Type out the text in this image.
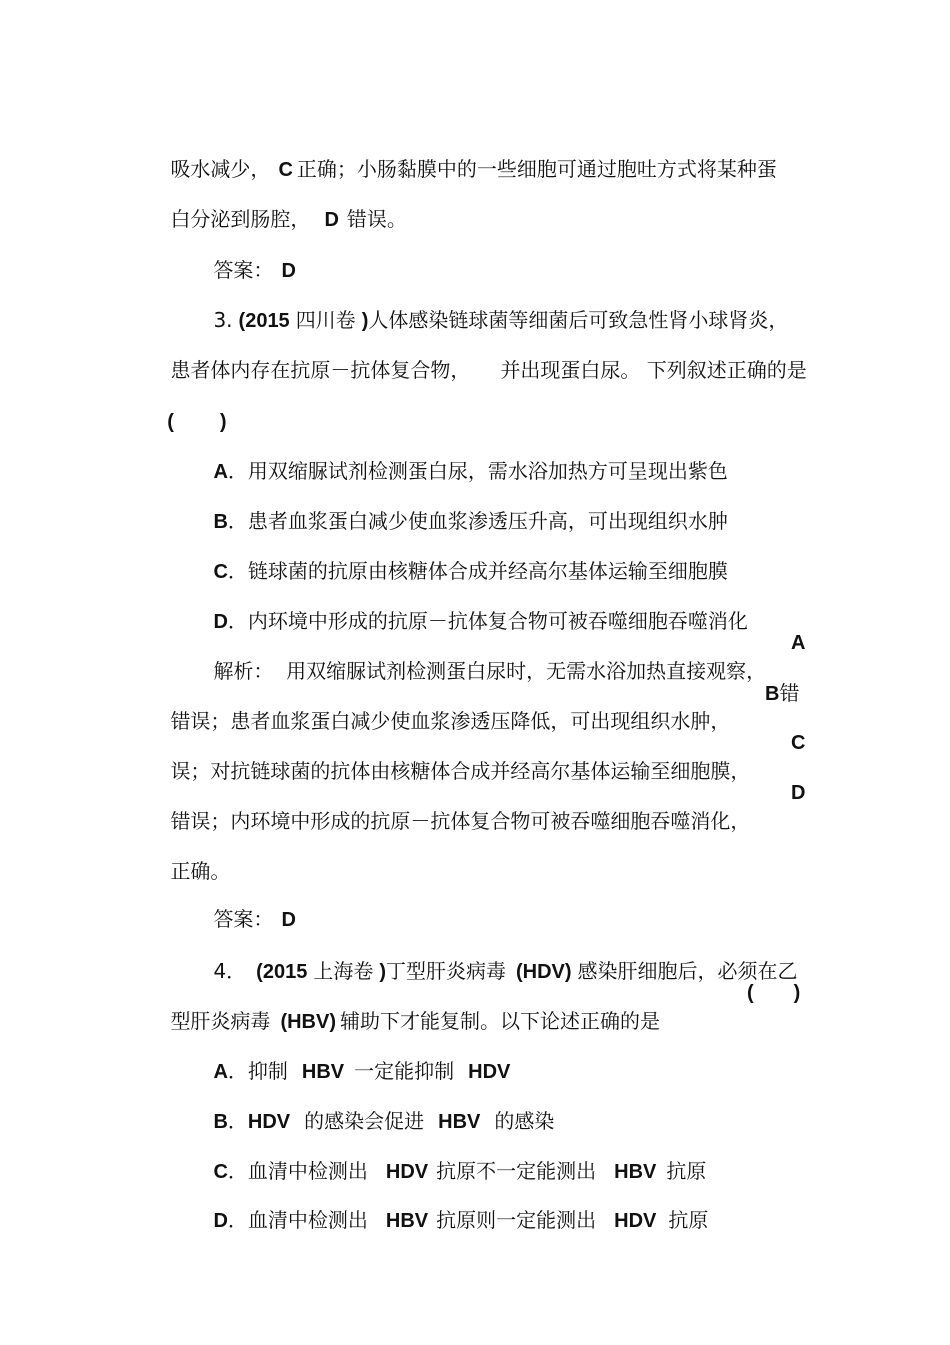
吸水减少， C 正确；小肠黏膜中的一些细胞可通过胞吐方式将某种蛋

白分泌到肠腔， D 错误。

答案： D

3. (2015 四川卷 )人体感染链球菌等细菌后可致急性肾小球肾炎，

患者体内存在抗原－抗体复合物， 并出现蛋白尿。 下列叙述正确的是

( )

A．用双缩脲试剂检测蛋白尿，需水浴加热方可呈现出紫色

B．患者血浆蛋白减少使血浆渗透压升高，可出现组织水肿

C．链球菌的抗原由核糖体合成并经高尔基体运输至细胞膜

D．内环境中形成的抗原－抗体复合物可被吞噬细胞吞噬消化

解析：  用双缩脲试剂检测蛋白尿时，无需水浴加热直接观察，

A

错误；患者血浆蛋白减少使血浆渗透压降低，可出现组织水肿，

B错

误；对抗链球菌的抗体由核糖体合成并经高尔基体运输至细胞膜，

C

错误；内环境中形成的抗原－抗体复合物可被吞噬细胞吞噬消化，

D

正确。

答案： D

4． (2015 上海卷 )丁型肝炎病毒 (HDV) 感染肝细胞后，必须在乙

型肝炎病毒 (HBV) 辅助下才能复制。以下论述正确的是

( )

A．抑制 HBV 一定能抑制 HDV

B．HDV 的感染会促进 HBV 的感染

C．血清中检测出 HDV 抗原不一定能测出 HBV 抗原

D．血清中检测出 HBV 抗原则一定能测出 HDV 抗原
